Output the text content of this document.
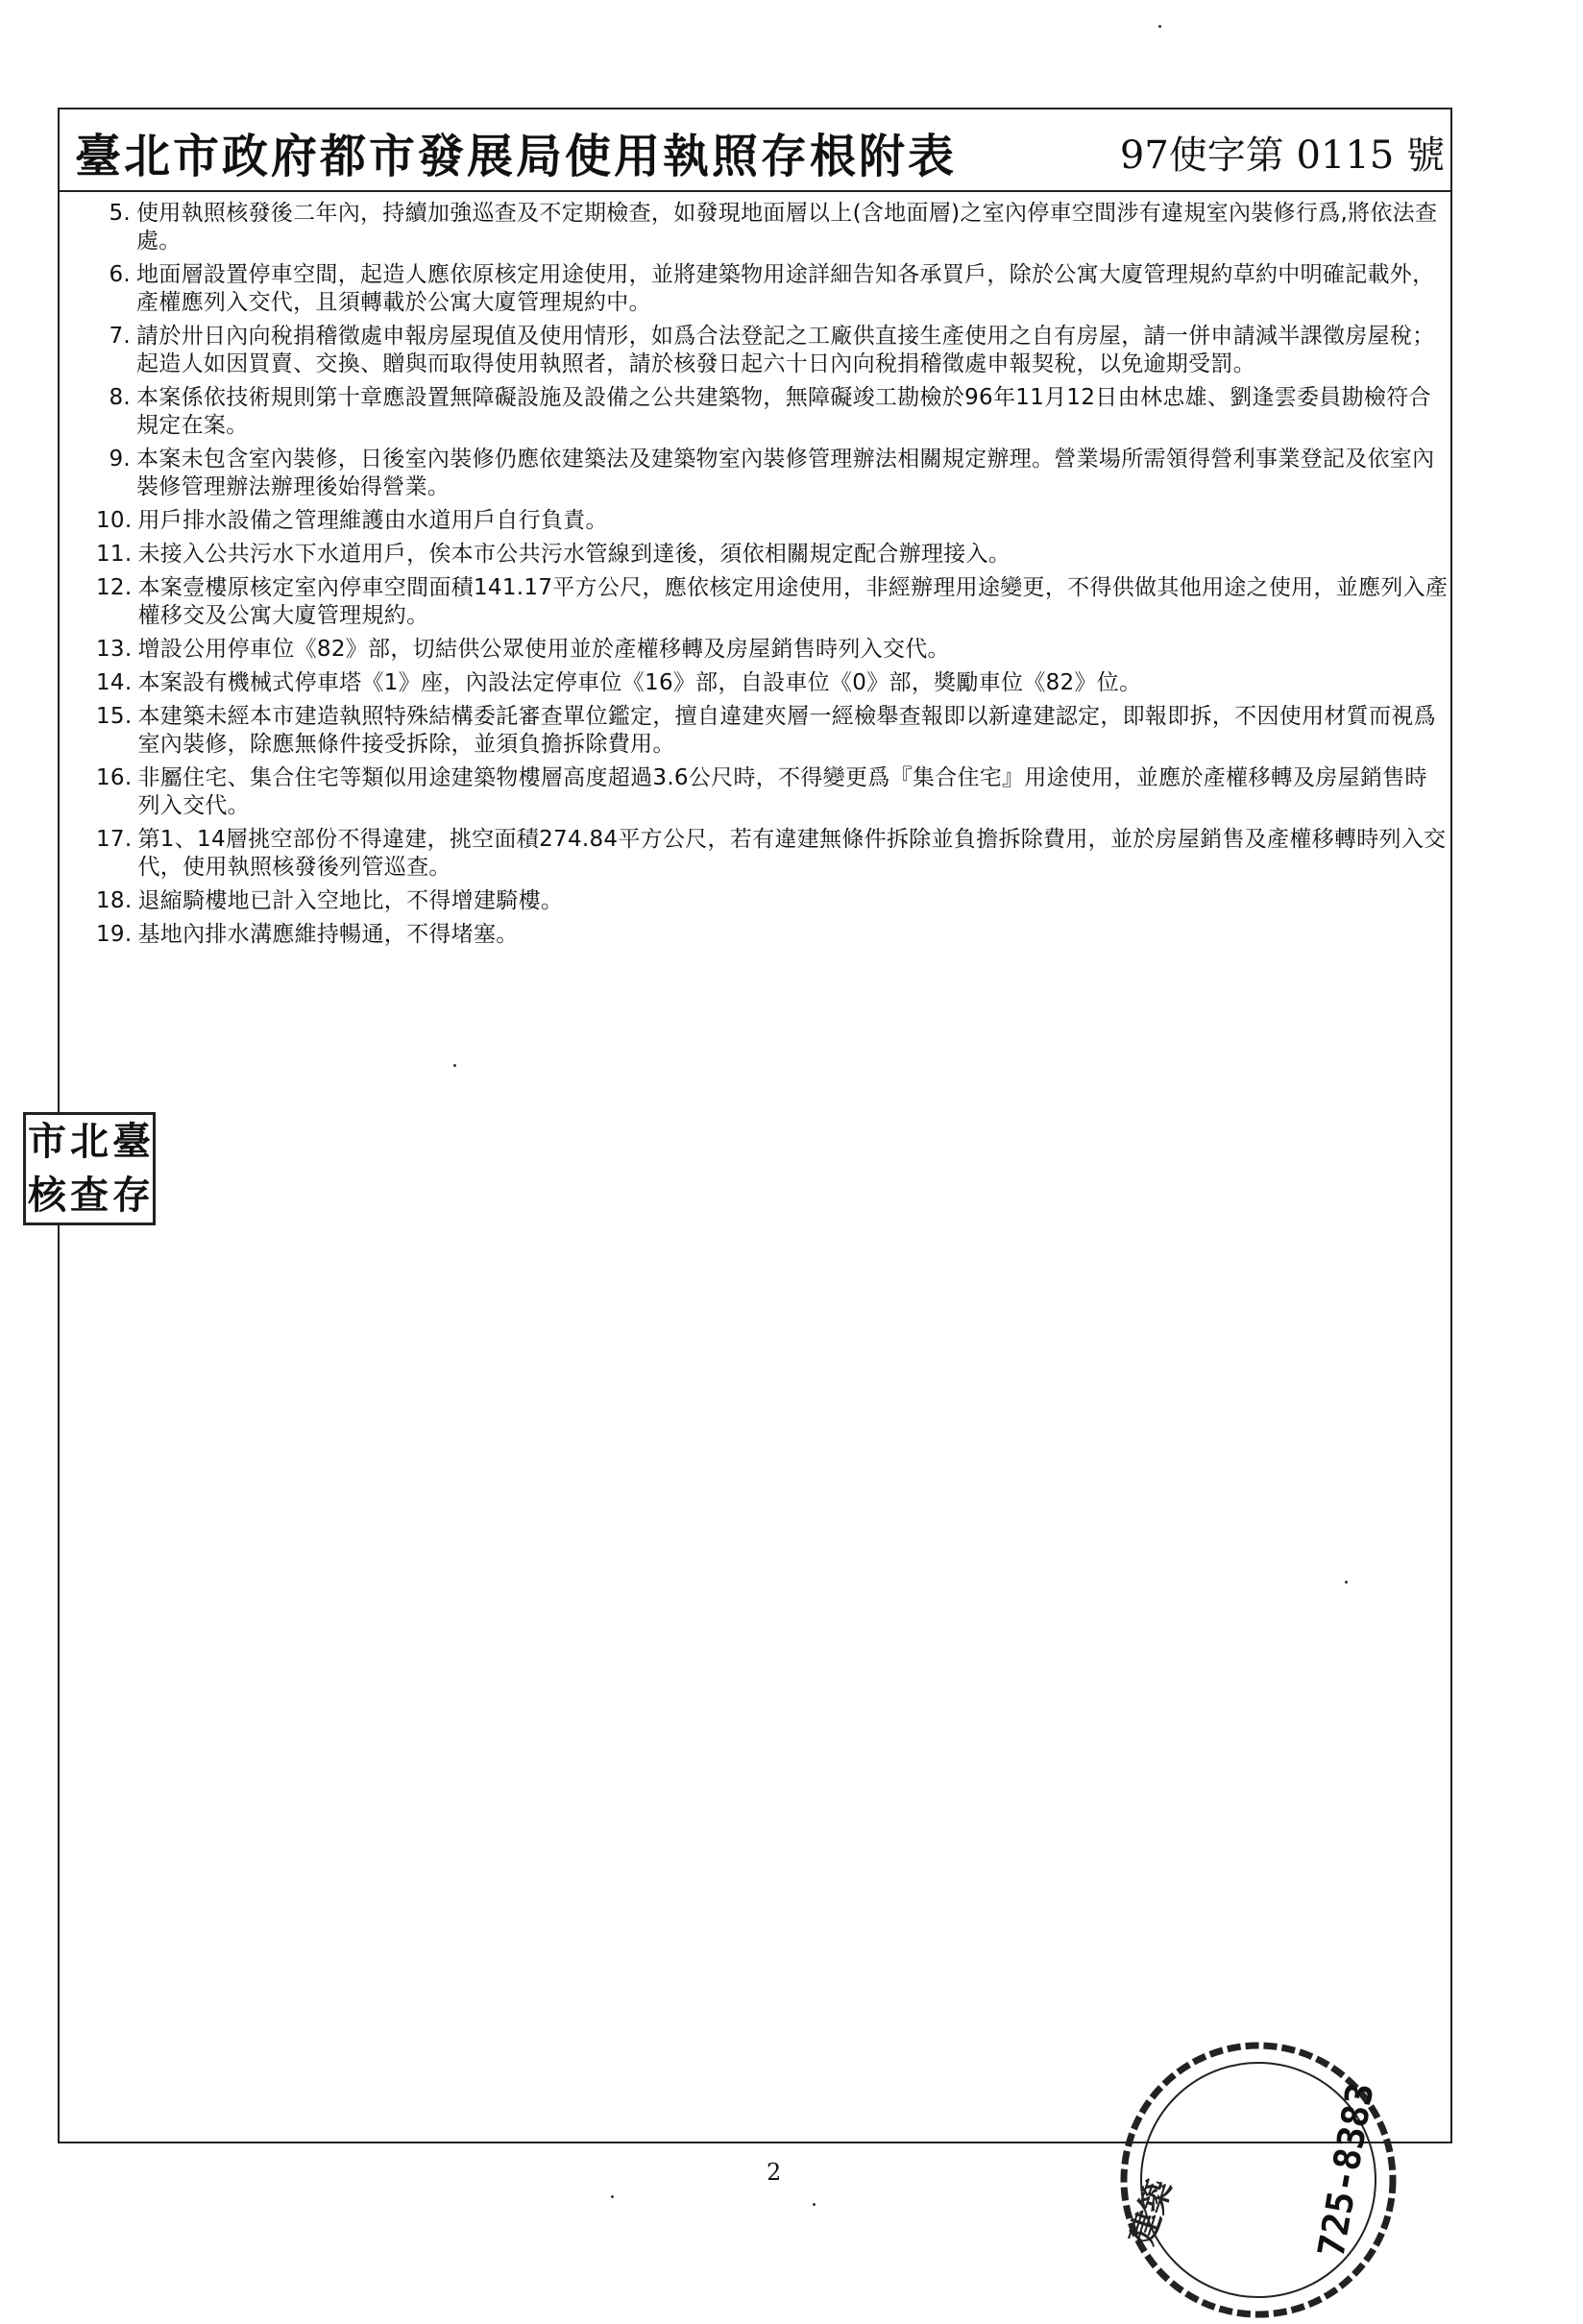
臺北市政府都市發展局使用執照存根附表	97使字第 0115 號
5. 使用執照核發後二年內，持續加強巡查及不定期檢查，如發現地面層以上(含地面層)之室內停車空間涉有違規室內裝修行爲,將依法查處。
6. 地面層設置停車空間，起造人應依原核定用途使用，並將建築物用途詳細告知各承買戶，除於公寓大廈管理規約草約中明確記載外，產權應列入交代，且須轉載於公寓大廈管理規約中。
7. 請於卅日內向稅捐稽徵處申報房屋現值及使用情形，如爲合法登記之工廠供直接生產使用之自有房屋，請一併申請減半課徵房屋稅；起造人如因買賣、交換、贈與而取得使用執照者，請於核發日起六十日內向稅捐稽徵處申報契稅，以免逾期受罰。
8. 本案係依技術規則第十章應設置無障礙設施及設備之公共建築物，無障礙竣工勘檢於96年11月12日由林忠雄、劉逢雲委員勘檢符合規定在案。
9. 本案未包含室內裝修，日後室內裝修仍應依建築法及建築物室內裝修管理辦法相關規定辦理。營業場所需領得營利事業登記及依室內裝修管理辦法辦理後始得營業。
10. 用戶排水設備之管理維護由水道用戶自行負責。
11. 未接入公共污水下水道用戶，俟本市公共污水管線到達後，須依相關規定配合辦理接入。
12. 本案壹樓原核定室內停車空間面積141.17平方公尺，應依核定用途使用，非經辦理用途變更，不得供做其他用途之使用，並應列入產權移交及公寓大廈管理規約。
13. 增設公用停車位《82》部，切結供公眾使用並於產權移轉及房屋銷售時列入交代。
14. 本案設有機械式停車塔《1》座，內設法定停車位《16》部，自設車位《0》部，獎勵車位《82》位。
15. 本建築未經本市建造執照特殊結構委託審查單位鑑定，擅自違建夾層一經檢舉查報即以新違建認定，即報即拆，不因使用材質而視爲室內裝修，除應無條件接受拆除，並須負擔拆除費用。
16. 非屬住宅、集合住宅等類似用途建築物樓層高度超過3.6公尺時，不得變更爲『集合住宅』用途使用，並應於產權移轉及房屋銷售時列入交代。
17. 第1、14層挑空部份不得違建，挑空面積274.84平方公尺，若有違建無條件拆除並負擔拆除費用，並於房屋銷售及產權移轉時列入交代，使用執照核發後列管巡查。
18. 退縮騎樓地已計入空地比，不得增建騎樓。
19. 基地內排水溝應維持暢通，不得堵塞。
臺
北
市
存
查
核
725-8383
建築
2
